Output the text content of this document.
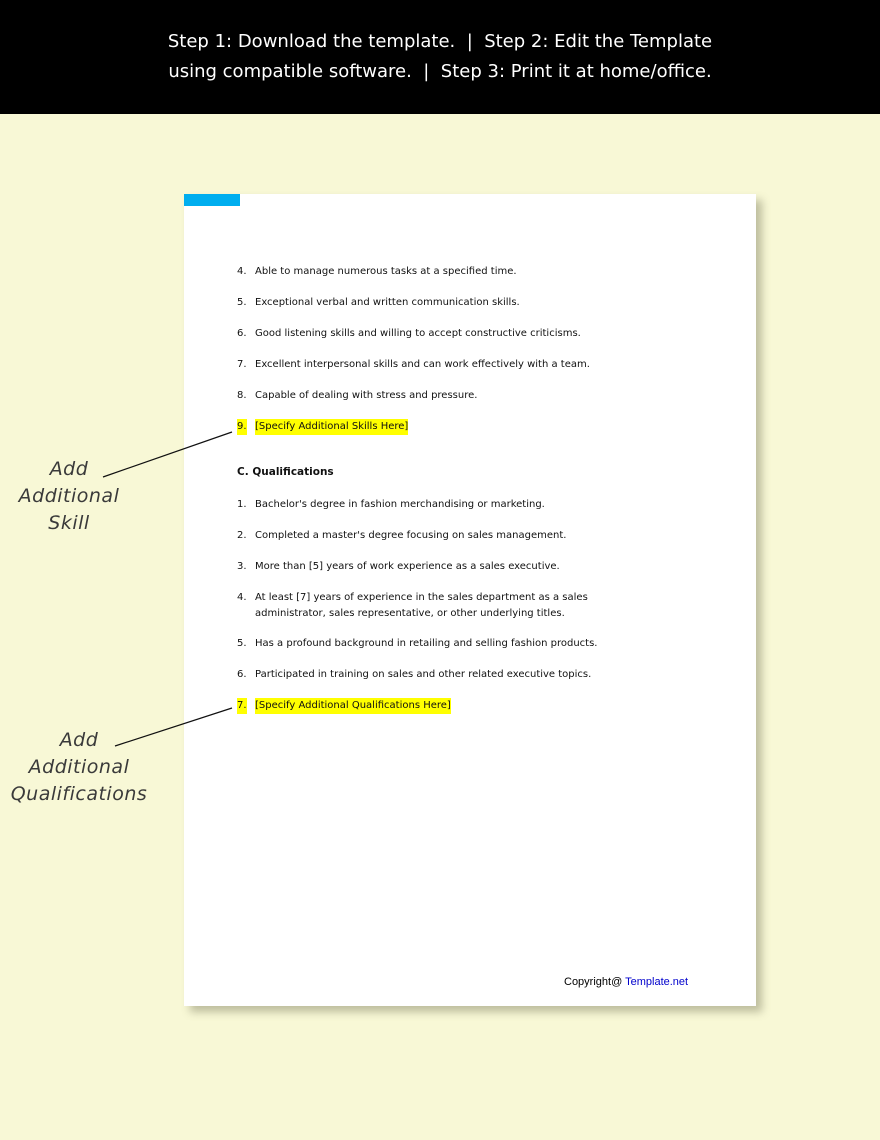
Step 1: Download the template.  |  Step 2: Edit the Template
using compatible software.  |  Step 3: Print it at home/office.
4. Able to manage numerous tasks at a specified time.
5. Exceptional verbal and written communication skills.
6. Good listening skills and willing to accept constructive criticisms.
7. Excellent interpersonal skills and can work effectively with a team.
8. Capable of dealing with stress and pressure.
9. [Specify Additional Skills Here]
C. Qualifications
1. Bachelor's degree in fashion merchandising or marketing.
2. Completed a master's degree focusing on sales management.
3. More than [5] years of work experience as a sales executive.
4. At least [7] years of experience in the sales department as a sales administrator, sales representative, or other underlying titles.
5. Has a profound background in retailing and selling fashion products.
6. Participated in training on sales and other related executive topics.
7. [Specify Additional Qualifications Here]
Copyright@ Template.net
Add
Additional
Skill
Add
Additional
Qualifications
